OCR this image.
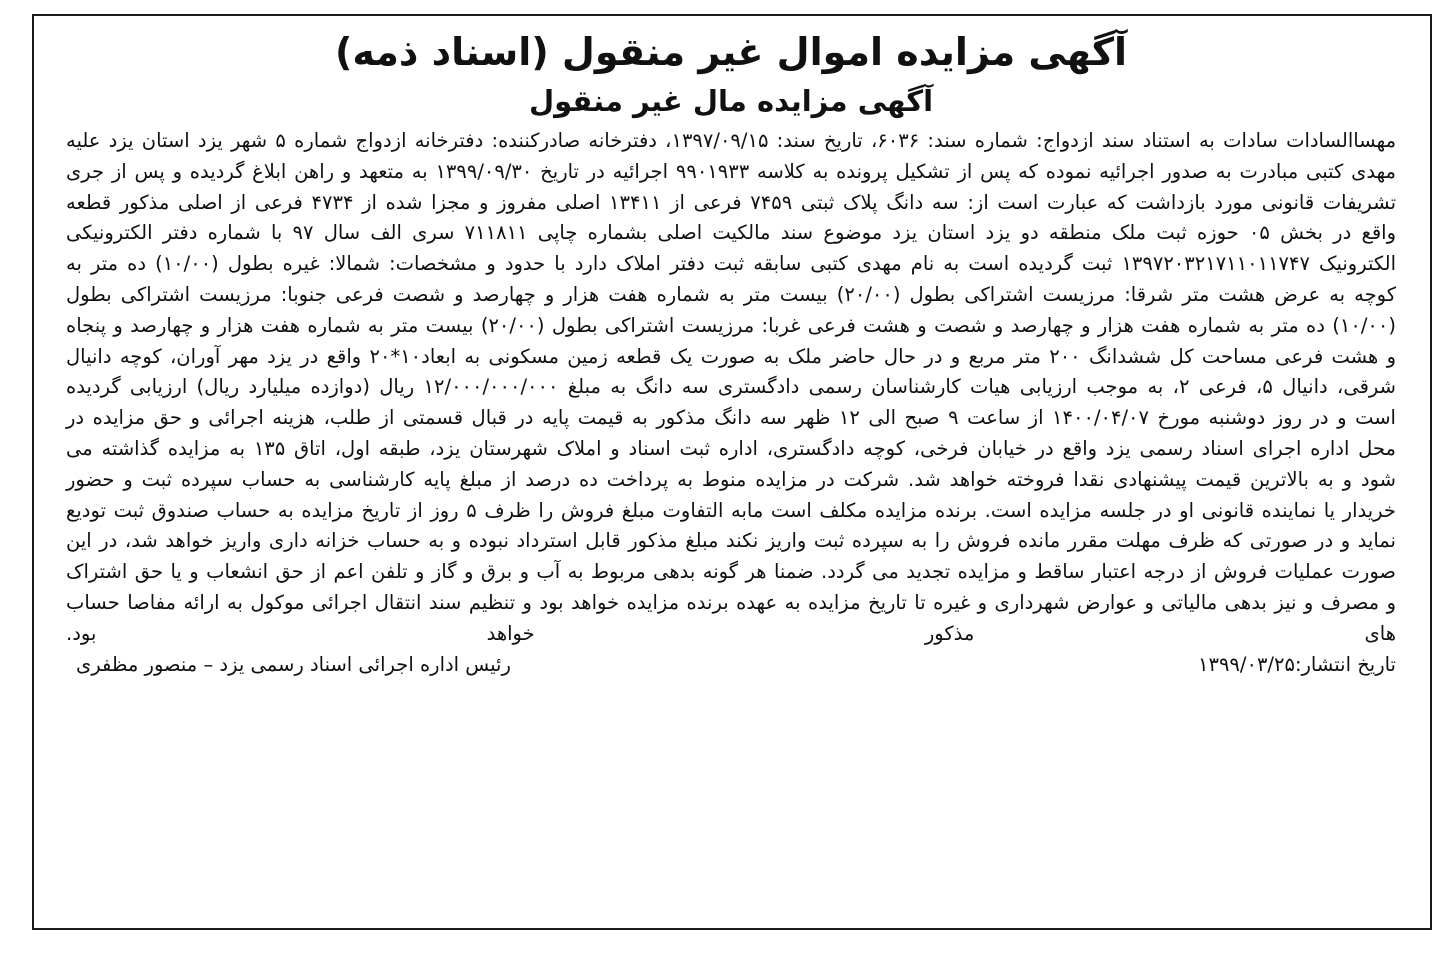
آگهی مزایده اموال غیر منقول (اسناد ذمه)
آگهی مزایده مال غیر منقول

مهساالسادات سادات به استناد سند ازدواج: شماره سند: ۶۰۳۶، تاریخ سند: ۱۳۹۷/۰۹/۱۵، دفترخانه صادرکننده: دفترخانه ازدواج شماره ۵ شهر یزد استان یزد علیه مهدی کتبی مبادرت به صدور اجرائیه نموده که پس از تشکیل پرونده به کلاسه ۹۹۰۱۹۳۳ اجرائیه در تاریخ ۱۳۹۹/۰۹/۳۰ به متعهد و راهن ابلاغ گردیده و پس از جری تشریفات قانونی مورد بازداشت که عبارت است از: سه دانگ پلاک ثبتی ۷۴۵۹ فرعی از ۱۳۴۱۱ اصلی مفروز و مجزا شده از ۴۷۳۴ فرعی از اصلی مذکور قطعه واقع در بخش ۰۵ حوزه ثبت ملک منطقه دو یزد استان یزد موضوع سند مالکیت اصلی بشماره چاپی ۷۱۱۸۱۱ سری الف سال ۹۷ با شماره دفتر الکترونیکی الکترونیک ۱۳۹۷۲۰۳۲۱۷۱۱۰۱۱۷۴۷ ثبت گردیده است به نام مهدی کتبی سابقه ثبت دفتر املاک دارد با حدود و مشخصات: شمالا: غیره بطول (۱۰/۰۰) ده متر به کوچه به عرض هشت متر شرقا: مرزیست اشتراکی بطول (۲۰/۰۰) بیست متر به شماره هفت هزار و چهارصد و شصت فرعی جنوبا: مرزیست اشتراکی بطول (۱۰/۰۰) ده متر به شماره هفت هزار و چهارصد و شصت و هشت فرعی غربا: مرزیست اشتراکی بطول (۲۰/۰۰) بیست متر به شماره هفت هزار و چهارصد و پنجاه و هشت فرعی مساحت کل ششدانگ ۲۰۰ متر مربع و در حال حاضر ملک به صورت یک قطعه زمین مسکونی به ابعاد۱۰*۲۰ واقع در یزد مهر آوران، کوچه دانیال شرقی، دانیال ۵، فرعی ۲، به موجب ارزیابی هیات کارشناسان رسمی دادگستری سه دانگ به مبلغ ۱۲/۰۰۰/۰۰۰/۰۰۰ ریال (دوازده میلیارد ریال) ارزیابی گردیده است و در روز دوشنبه مورخ ۱۴۰۰/۰۴/۰۷ از ساعت ۹ صبح الی ۱۲ ظهر سه دانگ مذکور به قیمت پایه در قبال قسمتی از طلب، هزینه اجرائی و حق مزایده در محل اداره اجرای اسناد رسمی یزد واقع در خیابان فرخی، کوچه دادگستری، اداره ثبت اسناد و املاک شهرستان یزد، طبقه اول، اتاق ۱۳۵ به مزایده گذاشته می شود و به بالاترین قیمت پیشنهادی نقدا فروخته خواهد شد. شرکت در مزایده منوط به پرداخت ده درصد از مبلغ پایه کارشناسی به حساب سپرده ثبت و حضور خریدار یا نماینده قانونی او در جلسه مزایده است. برنده مزایده مکلف است مابه التفاوت مبلغ فروش را ظرف ۵ روز از تاریخ مزایده به حساب صندوق ثبت تودیع نماید و در صورتی که ظرف مهلت مقرر مانده فروش را به سپرده ثبت واریز نکند مبلغ مذکور قابل استرداد نبوده و به حساب خزانه داری واریز خواهد شد، در این صورت عملیات فروش از درجه اعتبار ساقط و مزایده تجدید می گردد. ضمنا هر گونه بدهی مربوط به آب و برق و گاز و تلفن اعم از حق انشعاب و یا حق اشتراک و مصرف و نیز بدهی مالیاتی و عوارض شهرداری و غیره تا تاریخ مزایده به عهده برنده مزایده خواهد بود و تنظیم سند انتقال اجرائی موکول به ارائه مفاصا حساب های مذکور خواهد بود.

تاریخ انتشار:۱۳۹۹/۰۳/۲۵
رئیس اداره اجرائی اسناد رسمی یزد – منصور مظفری
